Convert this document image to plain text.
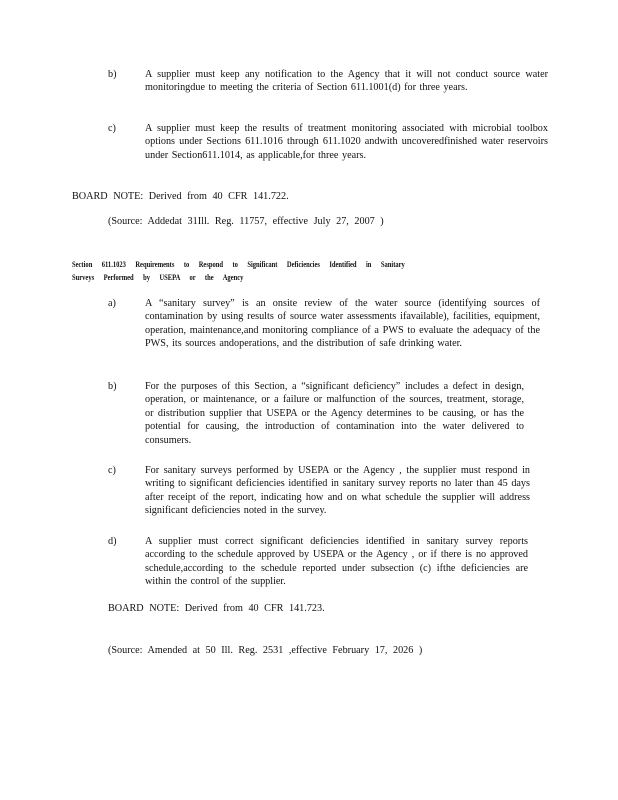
b)	A supplier must keep any notification to the Agency that it will not conduct source water monitoringdue to meeting the criteria of Section 611.1001(d) for three years.
c)	A supplier must keep the results of treatment monitoring associated with microbial toolbox options under Sections 611.1016 through 611.1020 andwith uncoveredfinished water reservoirs under Section611.1014, as applicable,for three years.
BOARD NOTE: Derived from 40 CFR 141.722.
(Source: Addedat 31Ill. Reg. 11757, effective July 27, 2007 )
Section 611.1023 Requirements to Respond to Significant Deficiencies Identified in Sanitary Surveys Performed by USEPA or the Agency
a)	A “sanitary survey” is an onsite review of the water source (identifying sources of contamination by using results of source water assessments ifavailable), facilities, equipment, operation, maintenance,and monitoring compliance of a PWS to evaluate the adequacy of the PWS, its sources andoperations, and the distribution of safe drinking water.
b)	For the purposes of this Section, a “significant deficiency” includes a defect in design, operation, or maintenance, or a failure or malfunction of the sources, treatment, storage, or distribution supplier that USEPA or the Agency determines to be causing, or has the potential for causing, the introduction of contamination into the water delivered to consumers.
c)	For sanitary surveys performed by USEPA or the Agency , the supplier must respond in writing to significant deficiencies identified in sanitary survey reports no later than 45 days after receipt of the report, indicating how and on what schedule the supplier will address significant deficiencies noted in the survey.
d)	A supplier must correct significant deficiencies identified in sanitary survey reports according to the schedule approved by USEPA or the Agency , or if there is no approved schedule,according to the schedule reported under subsection (c) ifthe deficiencies are within the control of the supplier.
BOARD NOTE: Derived from 40 CFR 141.723.
(Source: Amended at 50 Ill. Reg. 2531 ,effective February 17, 2026 )
